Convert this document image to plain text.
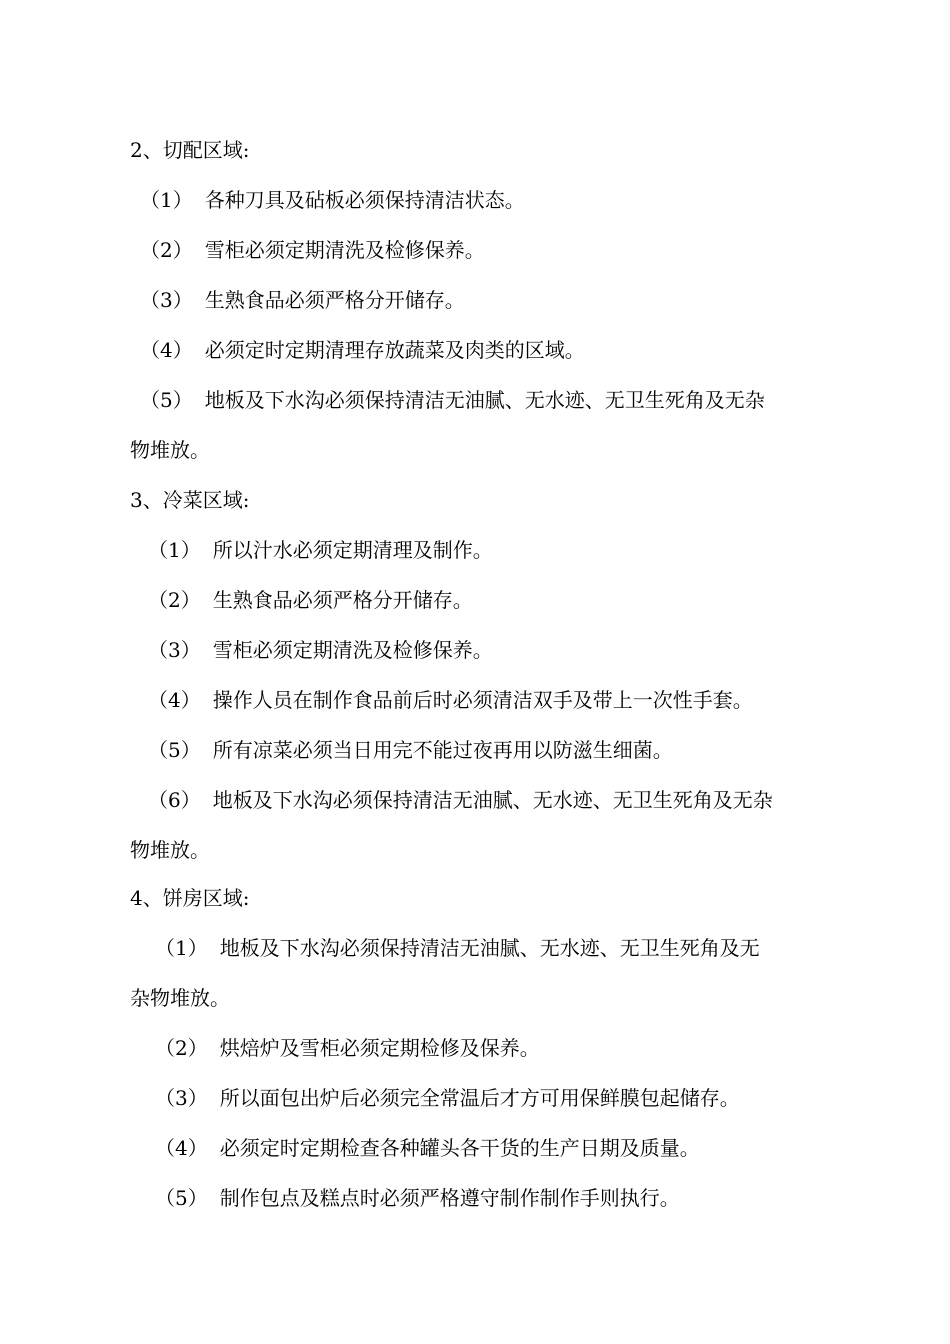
2、切配区域:
（1） 各种刀具及砧板必须保持清洁状态。
（2） 雪柜必须定期清洗及检修保养。
（3） 生熟食品必须严格分开储存。
（4） 必须定时定期清理存放蔬菜及肉类的区域。
（5） 地板及下水沟必须保持清洁无油腻、无水迹、无卫生死角及无杂
物堆放。
3、冷菜区域:
（1） 所以汁水必须定期清理及制作。
（2） 生熟食品必须严格分开储存。
（3） 雪柜必须定期清洗及检修保养。
（4） 操作人员在制作食品前后时必须清洁双手及带上一次性手套。
（5） 所有凉菜必须当日用完不能过夜再用以防滋生细菌。
（6） 地板及下水沟必须保持清洁无油腻、无水迹、无卫生死角及无杂
物堆放。
4、饼房区域:
（1） 地板及下水沟必须保持清洁无油腻、无水迹、无卫生死角及无
杂物堆放。
（2） 烘焙炉及雪柜必须定期检修及保养。
（3） 所以面包出炉后必须完全常温后才方可用保鲜膜包起储存。
（4） 必须定时定期检查各种罐头各干货的生产日期及质量。
（5） 制作包点及糕点时必须严格遵守制作制作手则执行。
